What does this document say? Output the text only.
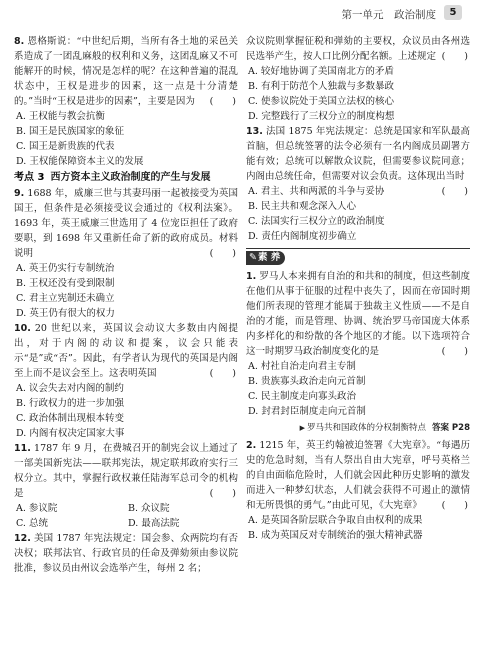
第一单元　政治制度	5
8. 恩格斯说：“中世纪后期，当所有各土地的采邑关系造成了一团乱麻般的权利和义务，这团乱麻又不可能解开的时候，情况是怎样的呢？在这种普遍的混乱状态中，王权是进步的因素，这一点是十分清楚的。”当时“王权是进步的因素”，主要是因为 (　　)
A. 王权能与教会抗衡
B. 国王是民族国家的象征
C. 国王是新贵族的代表
D. 王权能保障资本主义的发展
考点 3 西方资本主义政治制度的产生与发展
9. 1688 年，威廉三世与其妻玛丽一起被接受为英国国王，但条件是必须接受议会通过的《权利法案》。1693 年，英王威廉三世选用了 4 位宠臣担任了政府要职，到 1698 年又重新任命了新的政府成员。材料说明	(　　)
A. 英王仍实行专制统治
B. 王权还没有受到限制
C. 君主立宪制还未确立
D. 英王仍有很大的权力
10. 20 世纪以来，英国议会动议大多数由内阁提出，对于内阁的动议和提案，议会只能表示“是”或“否”。因此，有学者认为现代的英国是内阁至上而不是议会至上。这表明英国	(　　)
A. 议会失去对内阁的制约
B. 行政权力的进一步加强
C. 政治体制出现根本转变
D. 内阁有权决定国家大事
11. 1787 年 9 月，在费城召开的制宪会议上通过了一部美国新宪法——联邦宪法，规定联邦政府实行三权分立。其中，掌握行政权兼任陆海军总司令的机构是	(　　)
A. 参议院	B. 众议院
C. 总统	D. 最高法院
12. 美国 1787 年宪法规定：国会参、众两院均有否决权；联邦法官、行政官员的任命及弹劾须由参议院批准，参议员由州议会选举产生，每州 2 名；
众议院则掌握征税和弹劾的主要权，众议员由各州选民选举产生，按人口比例分配名额。上述规定 (　　)
A. 较好地协调了美国南北方的矛盾
B. 有利于防范个人独裁与多数暴政
C. 使参议院处于美国立法权的核心
D. 完整践行了三权分立的制度构想
13. 法国 1875 年宪法规定：总统是国家和军队最高首脑，但总统签署的法令必须有一名内阁成员副署方能有效；总统可以解散众议院，但需要参议院同意；内阁由总统任命，但需要对议会负责。这体现出当时
(　　)
A. 君主、共和两派的斗争与妥协
B. 民主共和观念深入人心
C. 法国实行三权分立的政治制度
D. 责任内阁制度初步确立
✎素 养
1. 罗马人本来拥有自治的和共和的制度，但这些制度在他们从事于征服的过程中丧失了，因而在帝国时期他们所表现的管理才能属于独裁主义性质——不是自治的才能，而是管理、协调、统治罗马帝国庞大体系内多样化的和纷散的各个地区的才能。以下选项符合这一时期罗马政治制度变化的是	(　　)
A. 村社自治走向君主专制
B. 贵族寡头政治走向元首制
C. 民主制度走向寡头政治
D. 封君封臣制度走向元首制
▶ 罗马共和国政体的分权制衡特点 答案 P28
2. 1215 年，英王约翰被迫签署《大宪章》。“每遇历史的危急时刻，当有人祭出自由大宪章，呼号英格兰的自由面临危险时，人们就会因此种历史影响的激发而进入一种梦幻状态，人们就会获得不可遏止的激情和无所畏惧的勇气。”由此可见，《大宪章》 (　　)
A. 是英国各阶层联合争取自由权利的成果
B. 成为英国反对专制统治的强大精神武器
